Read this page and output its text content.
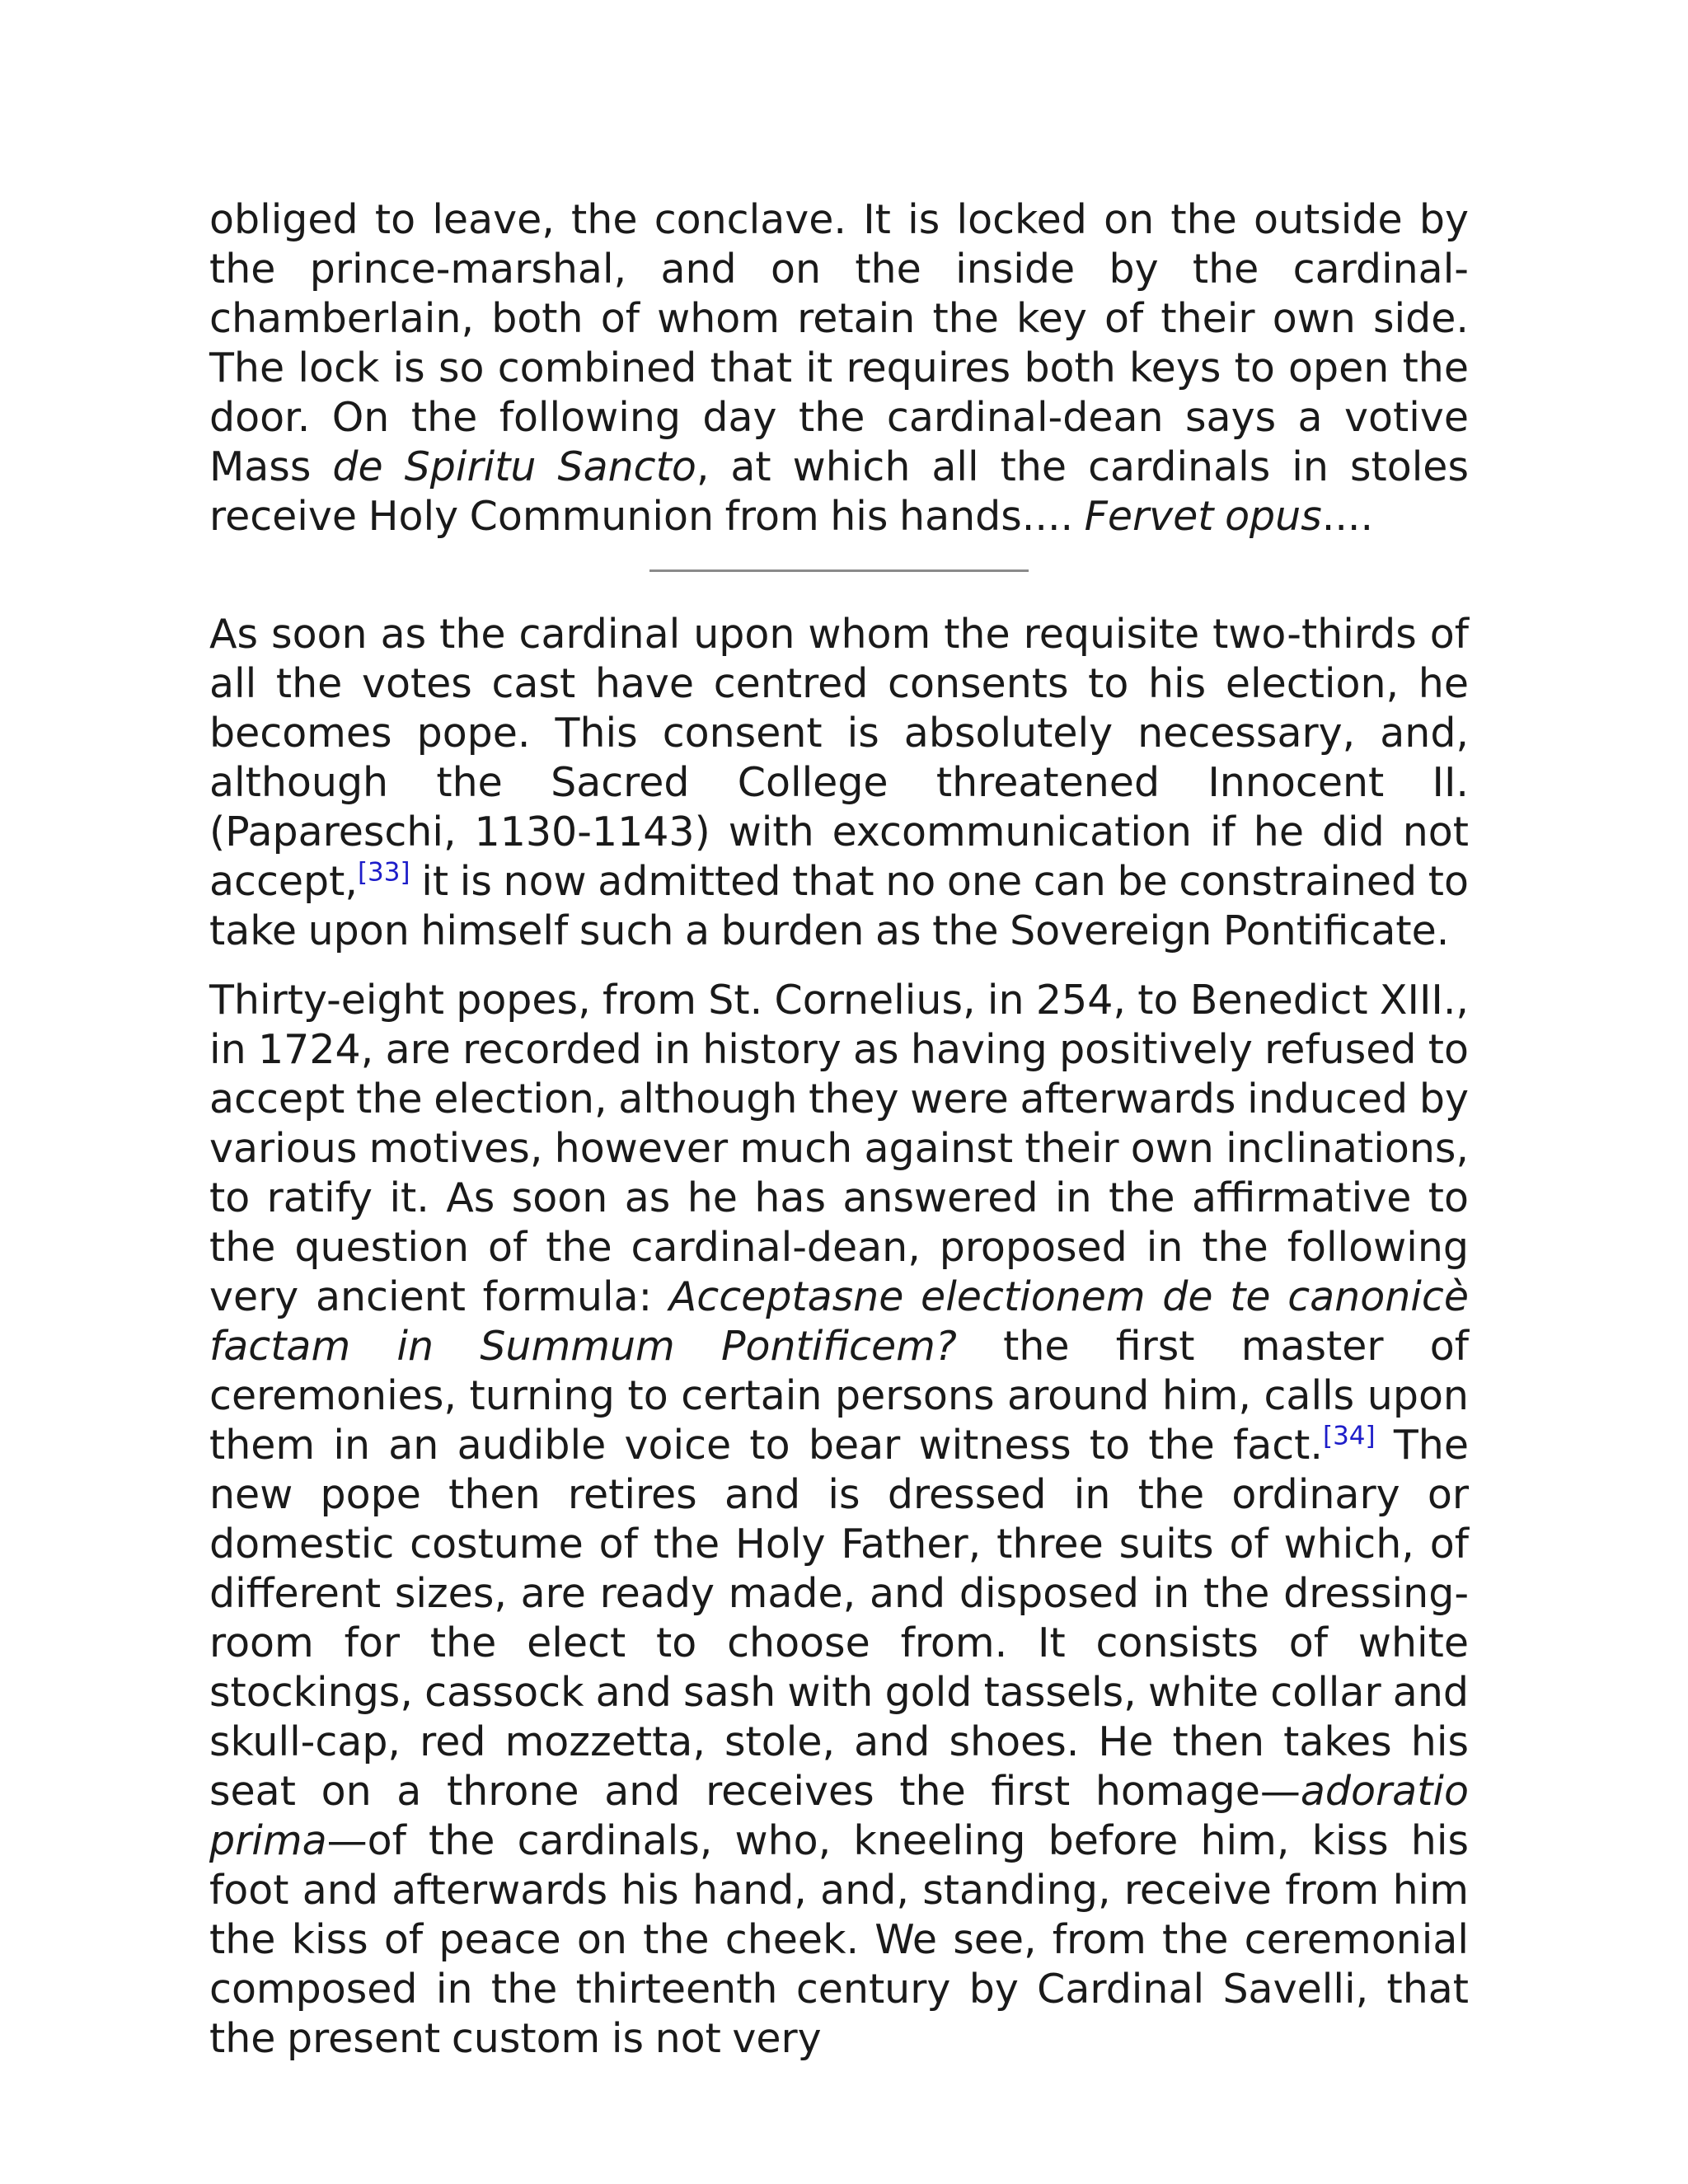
obliged to leave, the conclave. It is locked on the outside by the prince-marshal, and on the inside by the cardinal-chamberlain, both of whom retain the key of their own side. The lock is so combined that it requires both keys to open the door. On the following day the cardinal-dean says a votive Mass de Spiritu Sancto, at which all the cardinals in stoles receive Holy Communion from his hands.... Fervet opus....

As soon as the cardinal upon whom the requisite two-thirds of all the votes cast have centred consents to his election, he becomes pope. This consent is absolutely necessary, and, although the Sacred College threatened Innocent II. (Papareschi, 1130-1143) with excommunication if he did not accept,[33] it is now admitted that no one can be constrained to take upon himself such a burden as the Sovereign Pontificate.

Thirty-eight popes, from St. Cornelius, in 254, to Benedict XIII., in 1724, are recorded in history as having positively refused to accept the election, although they were afterwards induced by various motives, however much against their own inclinations, to ratify it. As soon as he has answered in the affirmative to the question of the cardinal-dean, proposed in the following very ancient formula: Acceptasne electionem de te canonicè factam in Summum Pontificem? the first master of ceremonies, turning to certain persons around him, calls upon them in an audible voice to bear witness to the fact.[34] The new pope then retires and is dressed in the ordinary or domestic costume of the Holy Father, three suits of which, of different sizes, are ready made, and disposed in the dressing-room for the elect to choose from. It consists of white stockings, cassock and sash with gold tassels, white collar and skull-cap, red mozzetta, stole, and shoes. He then takes his seat on a throne and receives the first homage—adoratio prima—of the cardinals, who, kneeling before him, kiss his foot and afterwards his hand, and, standing, receive from him the kiss of peace on the cheek. We see, from the ceremonial composed in the thirteenth century by Cardinal Savelli, that the present custom is not very
